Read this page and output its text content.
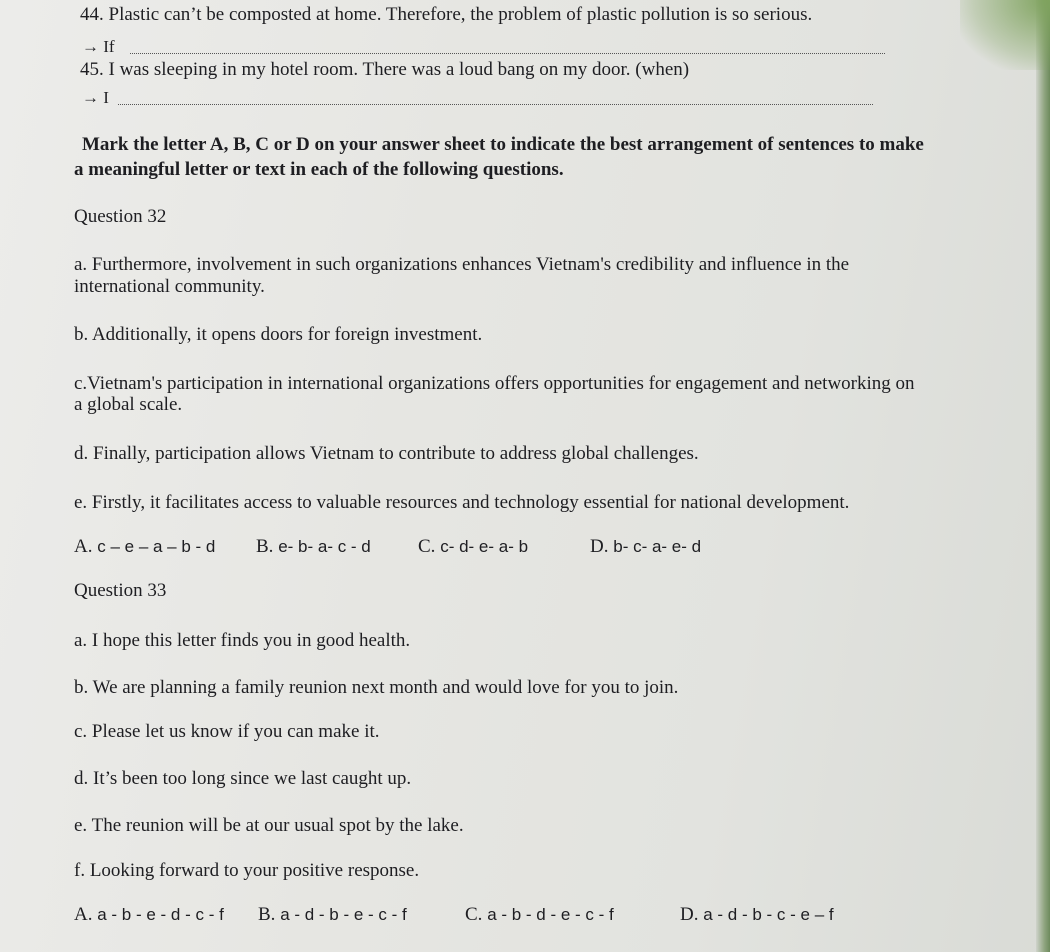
44. Plastic can’t be composted at home. Therefore, the problem of plastic pollution is so serious.
→ If
45. I was sleeping in my hotel room. There was a loud bang on my door. (when)
→ I
Mark the letter A, B, C or D on your answer sheet to indicate the best arrangement of sentences to make
a meaningful letter or text in each of the following questions.
Question 32
a. Furthermore, involvement in such organizations enhances Vietnam's credibility and influence in the
international community.
b. Additionally, it opens doors for foreign investment.
c.Vietnam's participation in international organizations offers opportunities for engagement and networking on
a global scale.
d. Finally, participation allows Vietnam to contribute to address global challenges.
e. Firstly, it facilitates access to valuable resources and technology essential for national development.
A. c – e – a – b - d B. e- b- a- c - d C. c- d- e- a- b	D. b- c- a- e- d
Question 33
a. I hope this letter finds you in good health.
b. We are planning a family reunion next month and would love for you to join.
c. Please let us know if you can make it.
d. It’s been too long since we last caught up.
e. The reunion will be at our usual spot by the lake.
f. Looking forward to your positive response.
A. a - b - e - d - c - f B. a - d - b - e - c - f	C. a - b - d - e - c - f	D. a - d - b - c - e – f
